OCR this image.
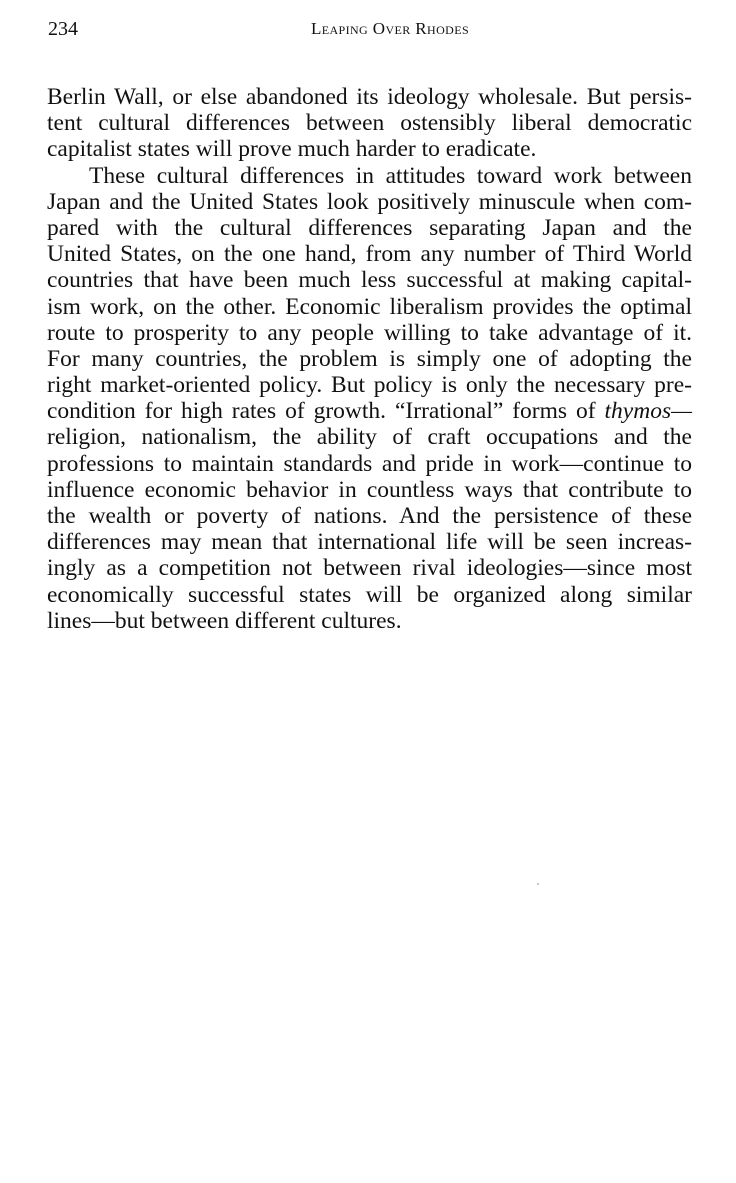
234	Leaping Over Rhodes
Berlin Wall, or else abandoned its ideology wholesale. But persis-
tent cultural differences between ostensibly liberal democratic
capitalist states will prove much harder to eradicate.
These cultural differences in attitudes toward work between
Japan and the United States look positively minuscule when com-
pared with the cultural differences separating Japan and the
United States, on the one hand, from any number of Third World
countries that have been much less successful at making capital-
ism work, on the other. Economic liberalism provides the optimal
route to prosperity to any people willing to take advantage of it.
For many countries, the problem is simply one of adopting the
right market-oriented policy. But policy is only the necessary pre-
condition for high rates of growth. “Irrational” forms of thymos—
religion, nationalism, the ability of craft occupations and the
professions to maintain standards and pride in work—continue to
influence economic behavior in countless ways that contribute to
the wealth or poverty of nations. And the persistence of these
differences may mean that international life will be seen increas-
ingly as a competition not between rival ideologies—since most
economically successful states will be organized along similar
lines—but between different cultures.
